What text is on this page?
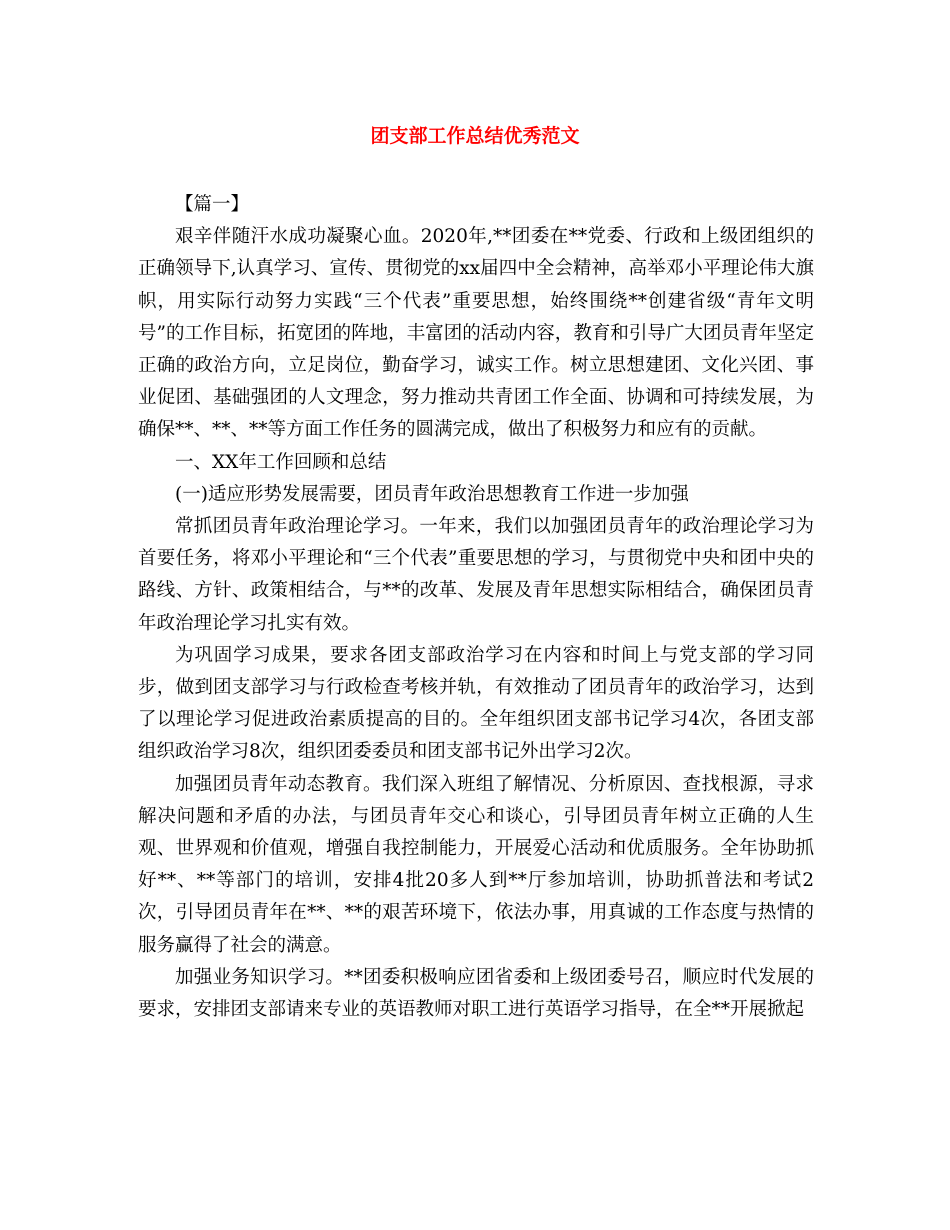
团支部工作总结优秀范文

【篇一】

艰辛伴随汗水成功凝聚心血。2020年,**团委在**党委、行政和上级团组织的正确领导下,认真学习、宣传、贯彻党的xx届四中全会精神，高举邓小平理论伟大旗帜，用实际行动努力实践“三个代表”重要思想，始终围绕**创建省级“青年文明号”的工作目标，拓宽团的阵地，丰富团的活动内容，教育和引导广大团员青年坚定正确的政治方向，立足岗位，勤奋学习，诚实工作。树立思想建团、文化兴团、事业促团、基础强团的人文理念，努力推动共青团工作全面、协调和可持续发展，为确保**、**、**等方面工作任务的圆满完成，做出了积极努力和应有的贡献。

一、XX年工作回顾和总结

(一)适应形势发展需要，团员青年政治思想教育工作进一步加强

常抓团员青年政治理论学习。一年来，我们以加强团员青年的政治理论学习为首要任务，将邓小平理论和“三个代表”重要思想的学习，与贯彻党中央和团中央的路线、方针、政策相结合，与**的改革、发展及青年思想实际相结合，确保团员青年政治理论学习扎实有效。

为巩固学习成果，要求各团支部政治学习在内容和时间上与党支部的学习同步，做到团支部学习与行政检查考核并轨，有效推动了团员青年的政治学习，达到了以理论学习促进政治素质提高的目的。全年组织团支部书记学习4次，各团支部组织政治学习8次，组织团委委员和团支部书记外出学习2次。

加强团员青年动态教育。我们深入班组了解情况、分析原因、查找根源，寻求解决问题和矛盾的办法，与团员青年交心和谈心，引导团员青年树立正确的人生观、世界观和价值观，增强自我控制能力，开展爱心活动和优质服务。全年协助抓好**、**等部门的培训，安排4批20多人到**厅参加培训，协助抓普法和考试2次，引导团员青年在**、**的艰苦环境下，依法办事，用真诚的工作态度与热情的服务赢得了社会的满意。

加强业务知识学习。**团委积极响应团省委和上级团委号召，顺应时代发展的要求，安排团支部请来专业的英语教师对职工进行英语学习指导，在全**开展掀起
